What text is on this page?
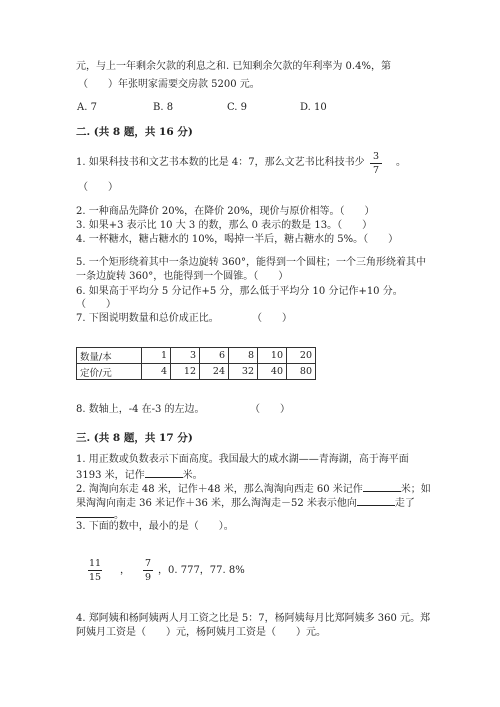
元，与上一年剩余欠款的利息之和. 已知剩余欠款的年利率为 0.4%，第
（　　）年张明家需要交房款 5200 元。
A. 7	B. 8	C. 9	D. 10
二. (共 8 题，共 16 分)
1. 如果科技书和文艺书本数的比是 4：7，那么文艺书比科技书少
3
7
。
（　　）
2. 一种商品先降价 20%，在降价 20%，现价与原价相等。（　　）
3. 如果+3 表示比 10 大 3 的数，那么 0 表示的数是 13。（　　）
4. 一杯糖水，糖占糖水的 10%，喝掉一半后，糖占糖水的 5%。（　　）
5. 一个矩形绕着其中一条边旋转 360°，能得到一个圆柱；一个三角形绕着其中
一条边旋转 360°，也能得到一个圆锥。（　　）
6. 如果高于平均分 5 分记作+5 分，那么低于平均分 10 分记作+10 分。
（　　）
7. 下图说明数量和总价成正比。	（　　）
数量/本	1	3	6	8	10	20
定价/元	4	12	24	32	40	80
8. 数轴上，-4 在-3 的左边。	（　　）
三. (共 8 题，共 17 分)
1. 用正数或负数表示下面高度。我国最大的咸水湖——青海湖，高于海平面
3193 米，记作	米。
2. 淘淘向东走 48 米，记作＋48 米，那么淘淘向西走 60 米记作	米；如
果淘淘向南走 36 米记作＋36 米，那么淘淘走－52 米表示他向	走了
。
3. 下面的数中，最小的是（　　）。
11
15
，
7
9
，0. 777，77. 8%
4. 郑阿姨和杨阿姨两人月工资之比是 5：7，杨阿姨每月比郑阿姨多 360 元。郑
阿姨月工资是（　　）元，杨阿姨月工资是（　　）元。
